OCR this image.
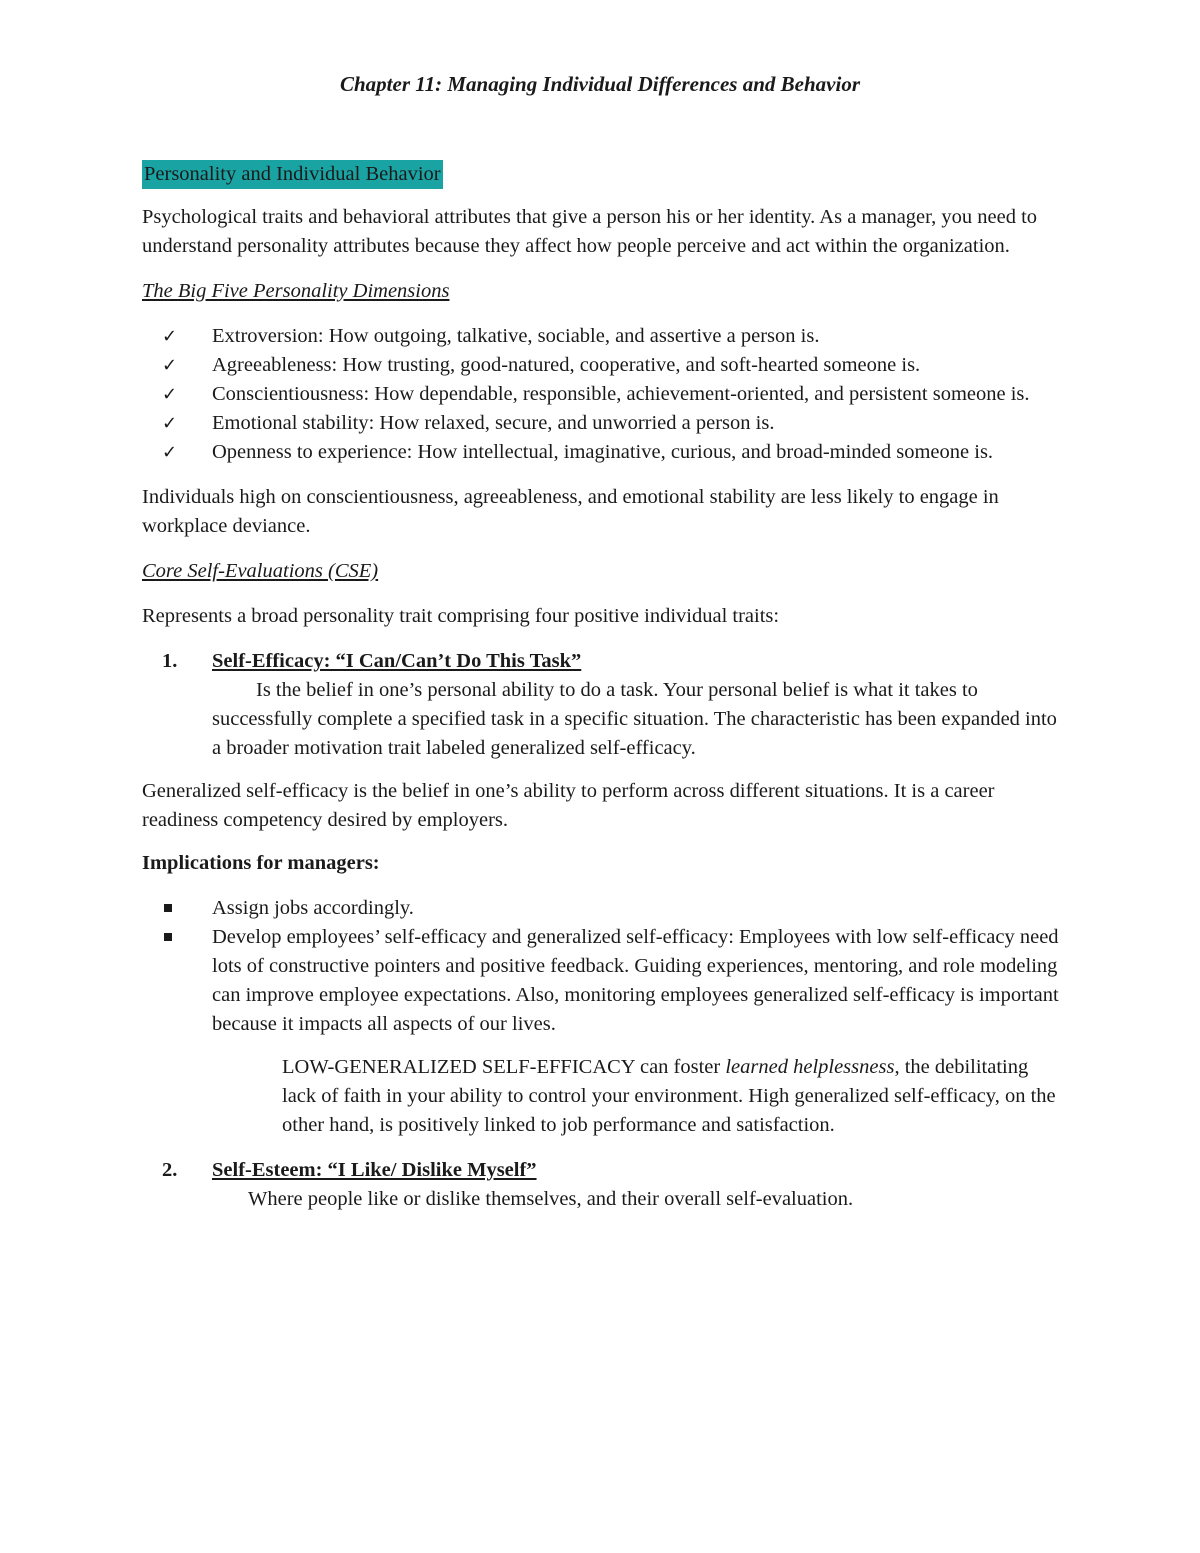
Chapter 11: Managing Individual Differences and Behavior
Personality and Individual Behavior

Psychological traits and behavioral attributes that give a person his or her identity. As a manager, you need to understand personality attributes because they affect how people perceive and act within the organization.

The Big Five Personality Dimensions

✓ Extroversion: How outgoing, talkative, sociable, and assertive a person is.
✓ Agreeableness: How trusting, good-natured, cooperative, and soft-hearted someone is.
✓ Conscientiousness: How dependable, responsible, achievement-oriented, and persistent someone is.
✓ Emotional stability: How relaxed, secure, and unworried a person is.
✓ Openness to experience: How intellectual, imaginative, curious, and broad-minded someone is.

Individuals high on conscientiousness, agreeableness, and emotional stability are less likely to engage in workplace deviance.

Core Self-Evaluations (CSE)

Represents a broad personality trait comprising four positive individual traits:

1. Self-Efficacy: “I Can/Can’t Do This Task”

Is the belief in one’s personal ability to do a task. Your personal belief is what it takes to successfully complete a specified task in a specific situation. The characteristic has been expanded into a broader motivation trait labeled generalized self-efficacy.

Generalized self-efficacy is the belief in one’s ability to perform across different situations. It is a career readiness competency desired by employers.

Implications for managers:

Assign jobs accordingly.
Develop employees’ self-efficacy and generalized self-efficacy: Employees with low self-efficacy need lots of constructive pointers and positive feedback. Guiding experiences, mentoring, and role modeling can improve employee expectations. Also, monitoring employees generalized self-efficacy is important because it impacts all aspects of our lives.

LOW-GENERALIZED SELF-EFFICACY can foster learned helplessness, the debilitating lack of faith in your ability to control your environment. High generalized self-efficacy, on the other hand, is positively linked to job performance and satisfaction.

2. Self-Esteem: “I Like/ Dislike Myself”

Where people like or dislike themselves, and their overall self-evaluation.
